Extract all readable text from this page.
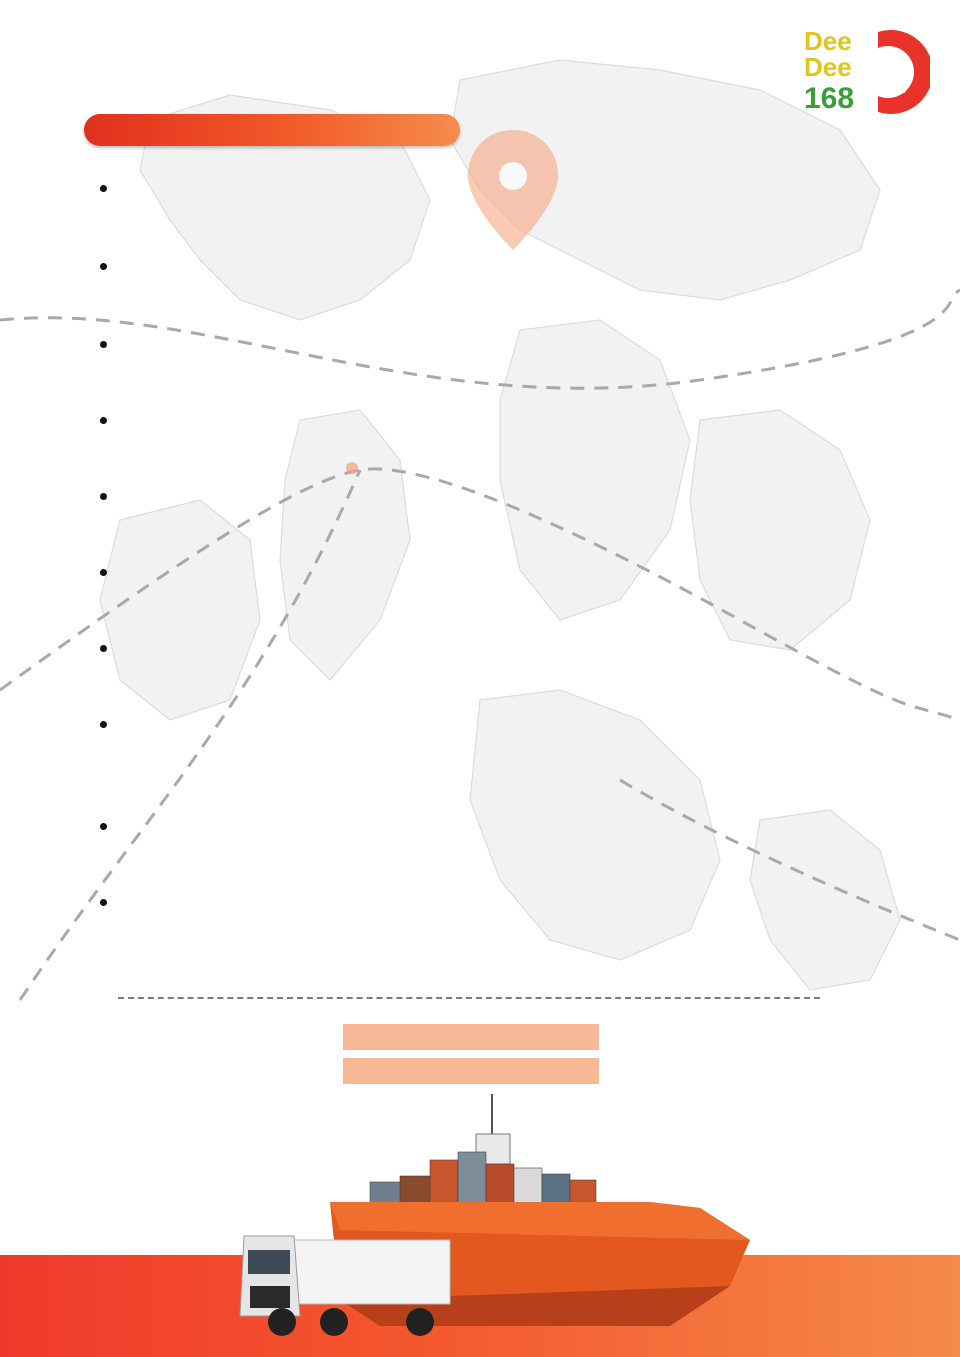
Dee
Dee
168
福
